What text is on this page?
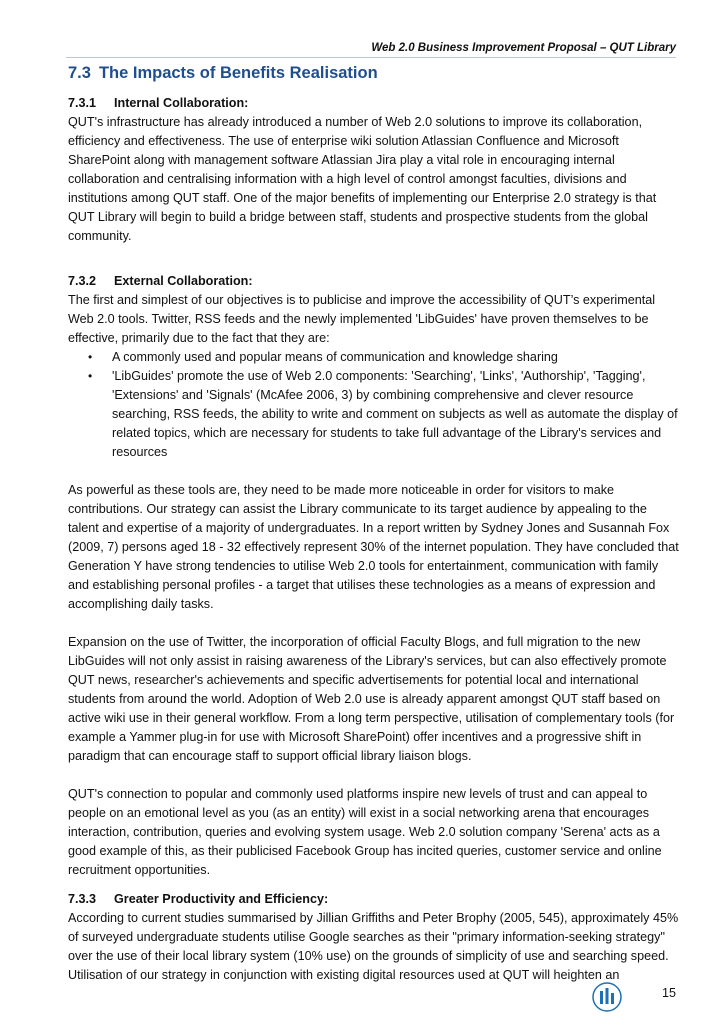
Web 2.0 Business Improvement Proposal – QUT Library
7.3 The Impacts of Benefits Realisation
7.3.1 Internal Collaboration:

QUT's infrastructure has already introduced a number of Web 2.0 solutions to improve its collaboration, efficiency and effectiveness. The use of enterprise wiki solution Atlassian Confluence and Microsoft SharePoint along with management software Atlassian Jira play a vital role in encouraging internal collaboration and centralising information with a high level of control amongst faculties, divisions and institutions among QUT staff. One of the major benefits of implementing our Enterprise 2.0 strategy is that QUT Library will begin to build a bridge between staff, students and prospective students from the global community.

7.3.2 External Collaboration:

The first and simplest of our objectives is to publicise and improve the accessibility of QUT’s experimental Web 2.0 tools. Twitter, RSS feeds and the newly implemented 'LibGuides' have proven themselves to be effective, primarily due to the fact that they are:

• A commonly used and popular means of communication and knowledge sharing
• 'LibGuides' promote the use of Web 2.0 components: 'Searching', 'Links', 'Authorship', 'Tagging', 'Extensions' and 'Signals' (McAfee 2006, 3) by combining comprehensive and clever resource searching, RSS feeds, the ability to write and comment on subjects as well as automate the display of related topics, which are necessary for students to take full advantage of the Library's services and resources

As powerful as these tools are, they need to be made more noticeable in order for visitors to make contributions. Our strategy can assist the Library communicate to its target audience by appealing to the talent and expertise of a majority of undergraduates. In a report written by Sydney Jones and Susannah Fox (2009, 7) persons aged 18 - 32 effectively represent 30% of the internet population. They have concluded that Generation Y have strong tendencies to utilise Web 2.0 tools for entertainment, communication with family and establishing personal profiles - a target that utilises these technologies as a means of expression and accomplishing daily tasks.

Expansion on the use of Twitter, the incorporation of official Faculty Blogs, and full migration to the new LibGuides will not only assist in raising awareness of the Library's services, but can also effectively promote QUT news, researcher's achievements and specific advertisements for potential local and international students from around the world. Adoption of Web 2.0 use is already apparent amongst QUT staff based on active wiki use in their general workflow. From a long term perspective, utilisation of complementary tools (for example a Yammer plug-in for use with Microsoft SharePoint) offer incentives and a progressive shift in paradigm that can encourage staff to support official library liaison blogs.

QUT's connection to popular and commonly used platforms inspire new levels of trust and can appeal to people on an emotional level as you (as an entity) will exist in a social networking arena that encourages interaction, contribution, queries and evolving system usage. Web 2.0 solution company 'Serena' acts as a good example of this, as their publicised Facebook Group has incited queries, customer service and online recruitment opportunities.

7.3.3 Greater Productivity and Efficiency:

According to current studies summarised by Jillian Griffiths and Peter Brophy (2005, 545), approximately 45% of surveyed undergraduate students utilise Google searches as their "primary information-seeking strategy" over the use of their local library system (10% use) on the grounds of simplicity of use and searching speed. Utilisation of our strategy in conjunction with existing digital resources used at QUT will heighten an

15
